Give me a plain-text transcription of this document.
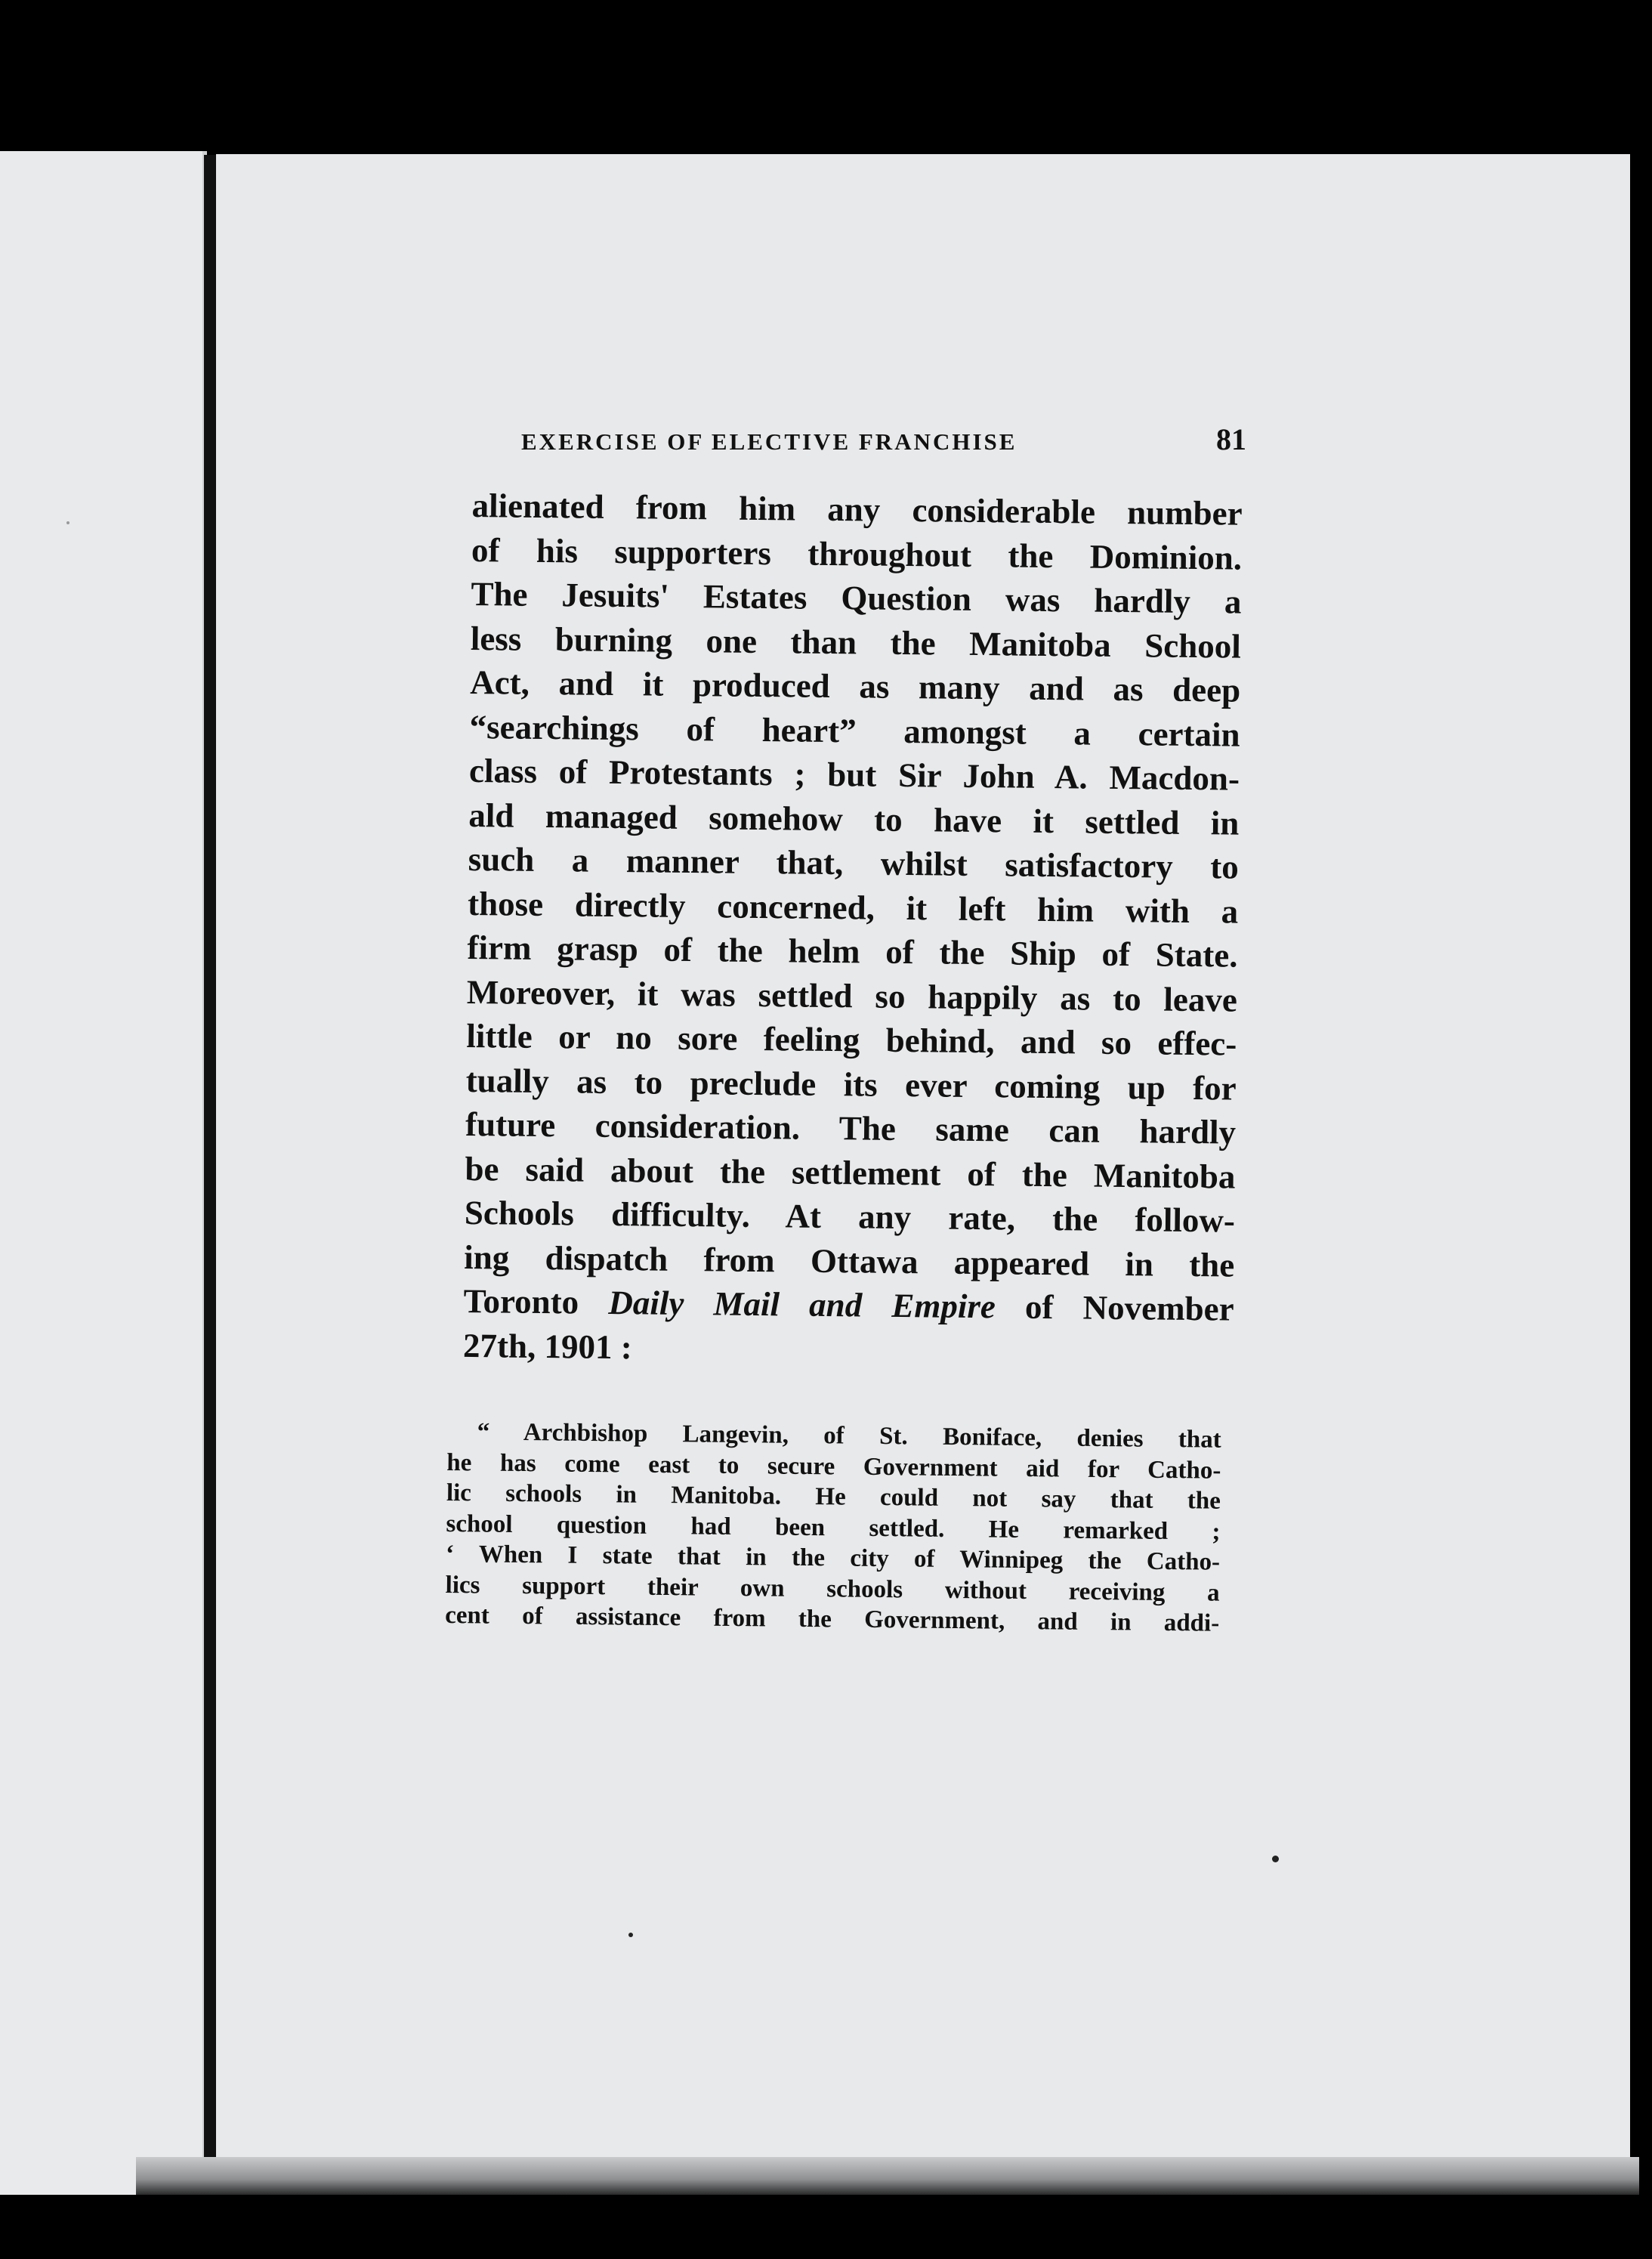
EXERCISE OF ELECTIVE FRANCHISE	81
alienated from him any considerable number
of his supporters throughout the Dominion.
The Jesuits' Estates Question was hardly a
less burning one than the Manitoba School
Act, and it produced as many and as deep
“searchings of heart” amongst a certain
class of Protestants ; but Sir John A. Macdon-
ald managed somehow to have it settled in
such a manner that, whilst satisfactory to
those directly concerned, it left him with a
firm grasp of the helm of the Ship of State.
Moreover, it was settled so happily as to leave
little or no sore feeling behind, and so effec-
tually as to preclude its ever coming up for
future consideration. The same can hardly
be said about the settlement of the Manitoba
Schools difficulty. At any rate, the follow-
ing dispatch from Ottawa appeared in the
Toronto Daily Mail and Empire of November
27th, 1901 :
“ Archbishop Langevin, of St. Boniface, denies that
he has come east to secure Government aid for Catho-
lic schools in Manitoba. He could not say that the
school question had been settled. He remarked ;
‘ When I state that in the city of Winnipeg the Catho-
lics support their own schools without receiving a
cent of assistance from the Government, and in addi-
